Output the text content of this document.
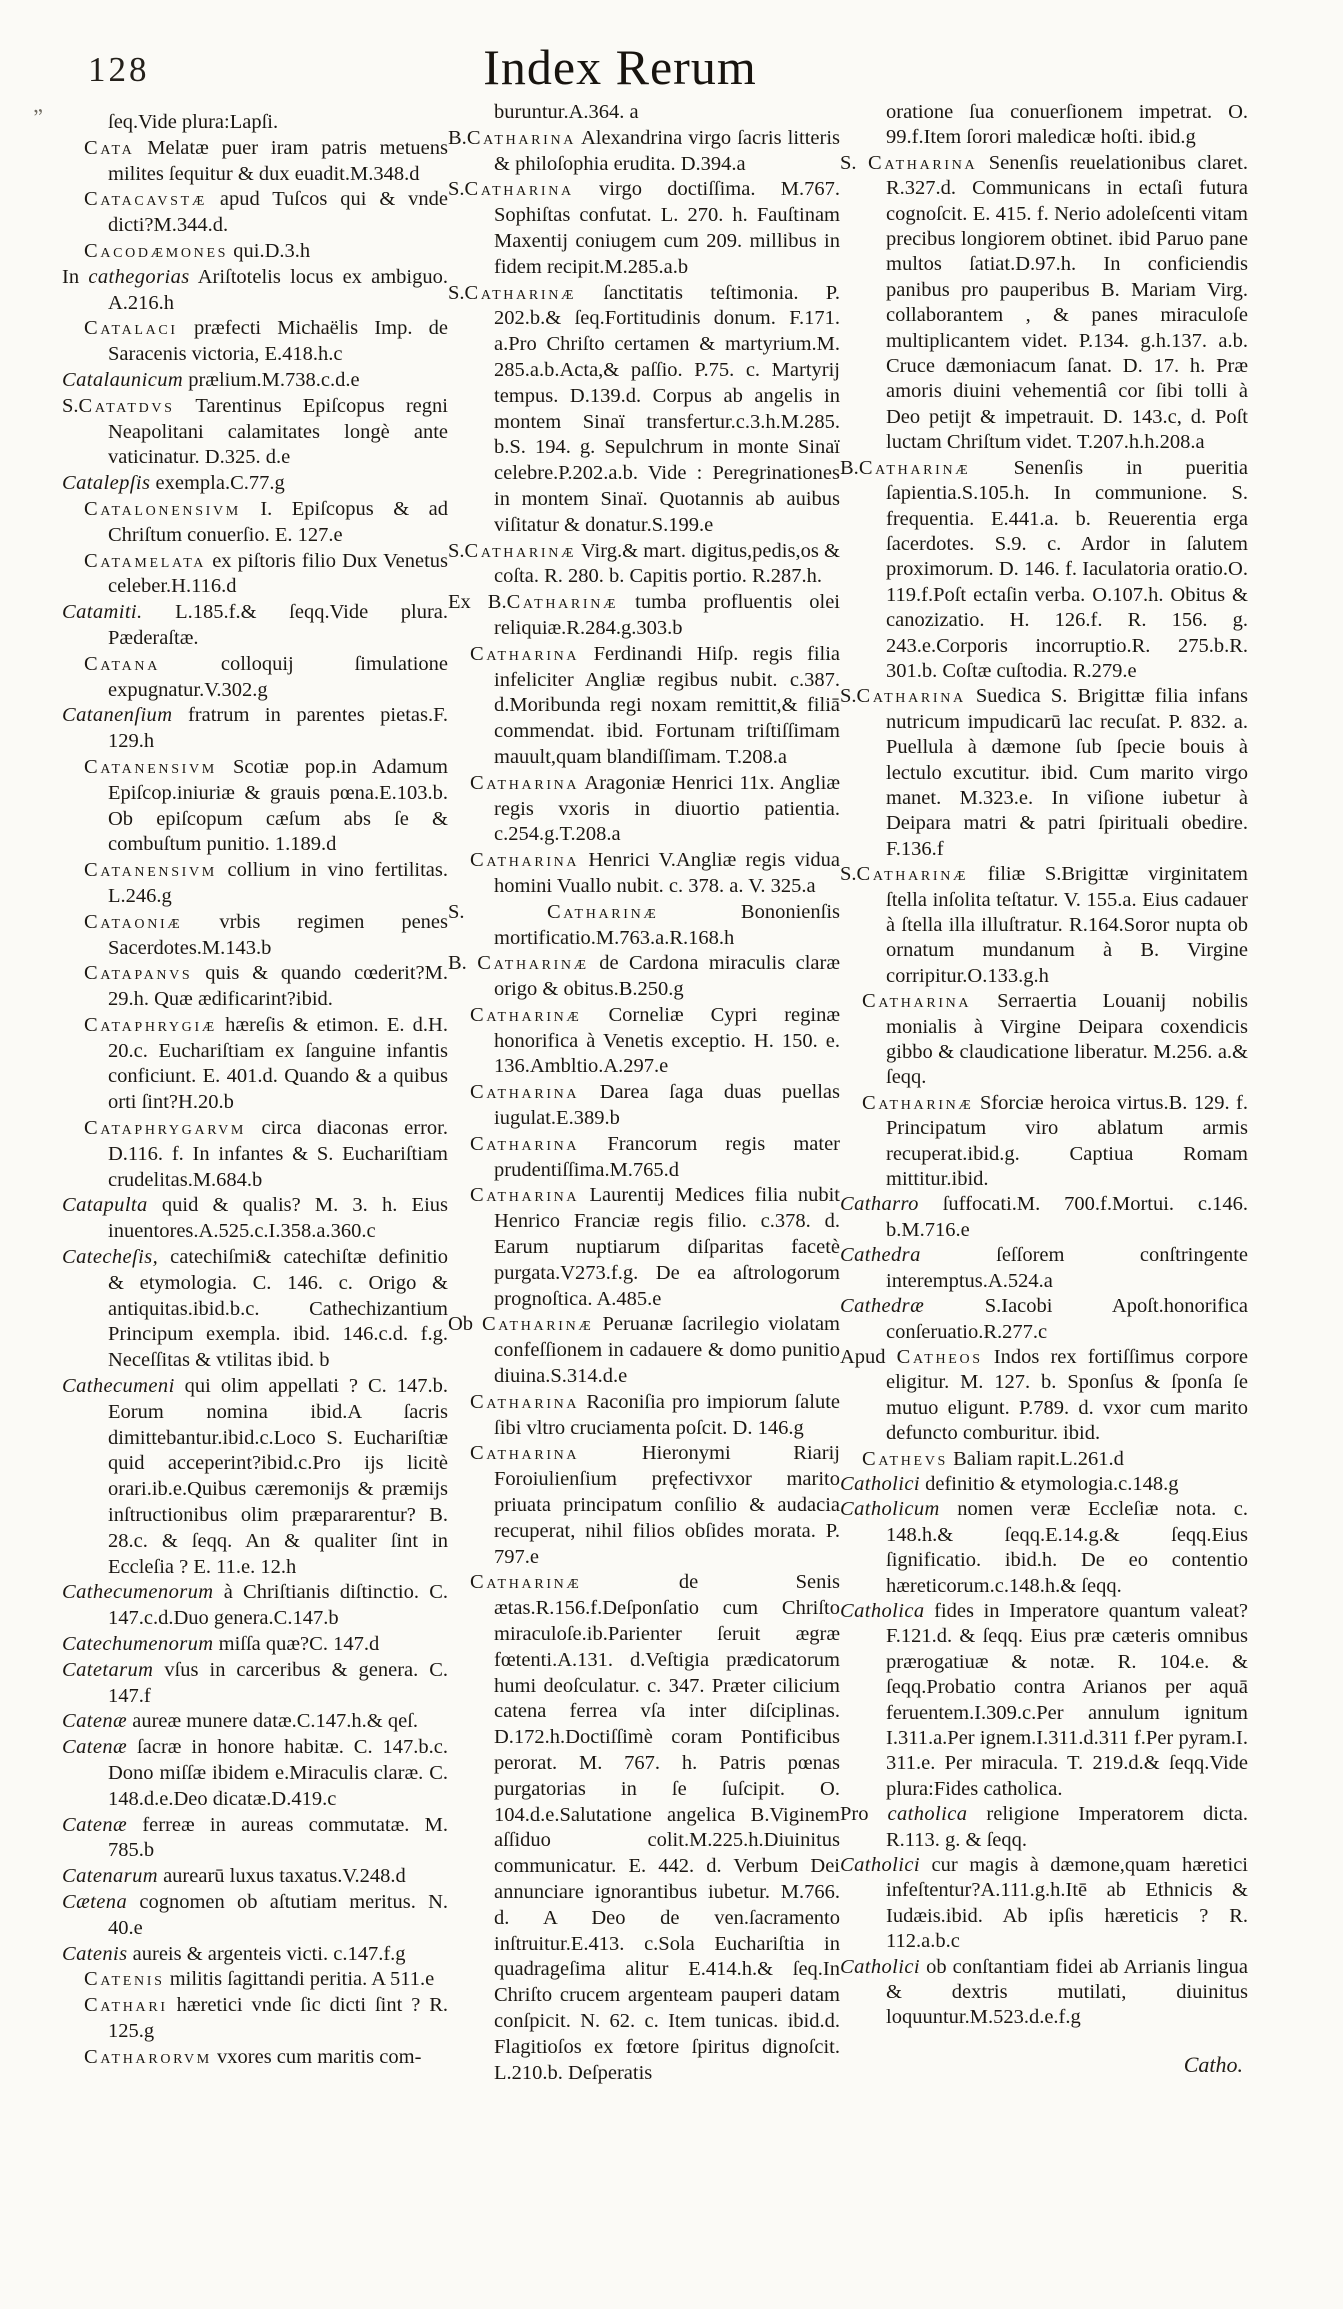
128
”
Index Rerum

ſeq.Vide plura:Lapſi.

Cata Melatæ puer iram patris metuens milites ſequitur & dux euadit.M.348.d

Catacavstæ apud Tuſcos qui & vnde dicti?M.344.d.

Cacodæmones qui.D.3.h

In cathegorias Ariſtotelis locus ex ambiguo. A.216.h

Catalaci præfecti Michaëlis Imp. de Saracenis victoria, E.418.h.c

Catalaunicum prælium.M.738.c.d.e

S.Catatdvs Tarentinus Epiſcopus regni Neapolitani calamitates longè ante vaticinatur. D.325. d.e

Catalepſis exempla.C.77.g

Catalonensivm I. Epiſcopus & ad Chriſtum conuerſio. E. 127.e

Catamelata ex piſtoris filio Dux Venetus celeber.H.116.d

Catamiti. L.185.f.& ſeqq.Vide plura. Pæderaſtæ.

Catana	colloquij ſimulatione expugnatur.V.302.g

Catanenſium fratrum in parentes pietas.F. 129.h

Catanensivm Scotiæ pop.in Adamum Epiſcop.iniuriæ & grauis pœna.E.103.b. Ob epiſcopum cæſum abs ſe & combuſtum punitio. 1.189.d

Catanensivm collium in vino fertilitas. L.246.g

Cataoniæ vrbis regimen penes Sacerdotes.M.143.b

Catapanvs quis & quando cœderit?M. 29.h. Quæ ædificarint?ibid.

Cataphrygiæ hæreſis & etimon. E. d.H. 20.c. Euchariſtiam ex ſanguine infantis conficiunt. E. 401.d. Quando & a quibus orti ſint?H.20.b

Cataphrygarvm circa diaconas error. D.116. f. In infantes & S. Euchariſtiam crudelitas.M.684.b

Catapulta quid & qualis? M. 3. h. Eius inuentores.A.525.c.I.358.a.360.c

Catecheſis, catechiſmi& catechiſtæ definitio & etymologia. C. 146. c. Origo & antiquitas.ibid.b.c. Cathechizantium Principum exempla. ibid. 146.c.d. f.g. Neceſſitas & vtilitas ibid. b

Cathecumeni qui olim appellati ? C. 147.b. Eorum nomina ibid.A ſacris dimittebantur.ibid.c.Loco S. Euchariſtiæ quid acceperint?ibid.c.Pro ijs licitè orari.ib.e.Quibus cæremonijs & præmijs inſtructionibus olim præpararentur? B. 28.c. & ſeqq. An & qualiter ſint in Eccleſia ? E. 11.e. 12.h

Cathecumenorum à Chriſtianis diſtinctio. C. 147.c.d.Duo genera.C.147.b

Catechumenorum miſſa quæ?C. 147.d

Catetarum vſus in carceribus & genera. C. 147.f

Catenæ aureæ munere datæ.C.147.h.& qeſ.

Catenæ ſacræ in honore habitæ. C. 147.b.c. Dono miſſæ ibidem e.Miraculis claræ. C. 148.d.e.Deo dicatæ.D.419.c

Catenæ ferreæ in aureas commutatæ. M. 785.b

Catenarum aurearū luxus taxatus.V.248.d

Cætena cognomen ob aſtutiam meritus. N. 40.e

Catenis aureis & argenteis victi. c.147.f.g

Catenis militis ſagittandi peritia. A 511.e

Cathari hæretici vnde ſic dicti ſint ? R. 125.g

Catharorvm vxores cum maritis com-

buruntur.A.364. a

B.Catharina Alexandrina virgo ſacris litteris & philoſophia erudita. D.394.a

S.Catharina virgo doctiſſima. M.767. Sophiſtas confutat. L. 270. h. Fauſtinam Maxentij coniugem cum 209. millibus in fidem recipit.M.285.a.b

S.Catharinæ ſanctitatis teſtimonia. P. 202.b.& ſeq.Fortitudinis donum. F.171. a.Pro Chriſto certamen & martyrium.M. 285.a.b.Acta,& paſſio. P.75. c. Martyrij tempus. D.139.d. Corpus ab angelis in montem Sinaï transfertur.c.3.h.M.285. b.S. 194. g. Sepulchrum in monte Sinaï celebre.P.202.a.b. Vide : Peregrinationes in montem Sinaï. Quotannis ab auibus viſitatur & donatur.S.199.e

S.Catharinæ Virg.& mart. digitus,pedis,os & coſta. R. 280. b. Capitis portio. R.287.h.

Ex B.Catharinæ tumba profluentis olei reliquiæ.R.284.g.303.b

Catharina Ferdinandi Hiſp. regis filia infeliciter Angliæ regibus nubit. c.387. d.Moribunda regi noxam remittit,& filiā commendat. ibid. Fortunam triſtiſſimam mauult,quam blandiſſimam. T.208.a

Catharina Aragoniæ Henrici 11x. Angliæ regis vxoris in diuortio patientia. c.254.g.T.208.a

Catharina Henrici V.Angliæ regis vidua homini Vuallo nubit. c. 378. a. V. 325.a

S. Catharinæ	Bononienſis mortificatio.M.763.a.R.168.h

B. Catharinæ de Cardona miraculis claræ origo & obitus.B.250.g

Catharinæ Corneliæ Cypri reginæ honorifica à Venetis exceptio. H. 150. e. 136.Ambltio.A.297.e

Catharina Darea ſaga duas puellas iugulat.E.389.b

Catharina Francorum regis mater prudentiſſima.M.765.d

Catharina Laurentij Medices filia nubit Henrico Franciæ regis filio. c.378. d. Earum nuptiarum diſparitas facetè purgata.V273.f.g. De ea aſtrologorum prognoſtica. A.485.e

Ob Catharinæ Peruanæ ſacrilegio violatam confeſſionem in cadauere & domo punitio diuina.S.314.d.e

Catharina Raconiſia pro impiorum ſalute ſibi vltro cruciamenta poſcit. D. 146.g

Catharina	Hieronymi Riarij Foroiulienſium pręfectivxor marito priuata principatum conſilio & audacia recuperat, nihil filios obſides morata. P. 797.e

Catharinæ	de Senis ætas.R.156.f.Deſponſatio cum Chriſto miraculoſe.ib.Parienter ſeruit ægræ fœtenti.A.131. d.Veſtigia prædicatorum humi deoſculatur. c. 347. Præter cilicium catena ferrea vſa inter diſciplinas. D.172.h.Doctiſſimè coram Pontificibus perorat. M. 767. h. Patris pœnas purgatorias in ſe ſuſcipit. O. 104.d.e.Salutatione angelica B.Viginem aſſiduo colit.M.225.h.Diuinitus communicatur. E. 442. d. Verbum Dei annunciare ignorantibus iubetur. M.766. d. A Deo de ven.ſacramento inſtruitur.E.413. c.Sola Euchariſtia in quadrageſima alitur E.414.h.& ſeq.In Chriſto crucem argenteam pauperi datam conſpicit. N. 62. c. Item tunicas. ibid.d. Flagitioſos ex fœtore ſpiritus dignoſcit. L.210.b. Deſperatis

oratione ſua conuerſionem impetrat. O. 99.f.Item ſorori maledicæ hoſti. ibid.g

S. Catharina Senenſis reuelationibus claret. R.327.d. Communicans in ectaſi futura cognoſcit. E. 415. f. Nerio adoleſcenti vitam precibus longiorem obtinet. ibid Paruo pane multos ſatiat.D.97.h. In conficiendis panibus pro pauperibus B. Mariam Virg. collaborantem , & panes miraculoſe multiplicantem videt. P.134. g.h.137. a.b. Cruce dæmoniacum ſanat. D. 17. h. Præ amoris diuini vehementiâ cor ſibi tolli à Deo petijt & impetrauit. D. 143.c, d. Poſt luctam Chriſtum videt. T.207.h.h.208.a

B.Catharinæ Senenſis in pueritia ſapientia.S.105.h. In communione. S. frequentia. E.441.a. b. Reuerentia erga ſacerdotes. S.9. c. Ardor in ſalutem proximorum. D. 146. f. Iaculatoria oratio.O. 119.f.Poſt ectaſin verba. O.107.h. Obitus & canozizatio. H. 126.f. R. 156. g. 243.e.Corporis incorruptio.R. 275.b.R. 301.b. Coſtæ cuſtodia. R.279.e

S.Catharina Suedica S. Brigittæ filia infans nutricum impudicarū lac recuſat. P. 832. a. Puellula à dæmone ſub ſpecie bouis à lectulo excutitur. ibid. Cum marito virgo manet. M.323.e. In viſione iubetur à Deipara matri & patri ſpirituali obedire. F.136.f

S.Catharinæ filiæ S.Brigittæ virginitatem ſtella inſolita teſtatur. V. 155.a. Eius cadauer à ſtella illa illuſtratur. R.164.Soror nupta ob ornatum mundanum à B. Virgine corripitur.O.133.g.h

Catharina Serraertia Louanij nobilis monialis à Virgine Deipara coxendicis gibbo & claudicatione liberatur. M.256. a.& ſeqq.

Catharinæ Sforciæ heroica virtus.B. 129. f. Principatum viro ablatum armis recuperat.ibid.g. Captiua Romam mittitur.ibid.

Catharro ſuffocati.M. 700.f.Mortui. c.146. b.M.716.e

Cathedra	ſeſſorem conſtringente interemptus.A.524.a

Cathedræ	S.Iacobi Apoſt.honorifica conſeruatio.R.277.c

Apud Catheos Indos rex fortiſſimus corpore eligitur. M. 127. b. Sponſus & ſponſa ſe mutuo eligunt. P.789. d. vxor cum marito defuncto comburitur. ibid.

Cathevs Baliam rapit.L.261.d

Catholici definitio & etymologia.c.148.g

Catholicum nomen veræ Eccleſiæ nota. c. 148.h.& ſeqq.E.14.g.& ſeqq.Eius ſignificatio. ibid.h. De eo contentio hæreticorum.c.148.h.& ſeqq.

Catholica fides in Imperatore quantum valeat? F.121.d. & ſeqq. Eius præ cæteris omnibus prærogatiuæ & notæ. R. 104.e. & ſeqq.Probatio contra Arianos per aquā feruentem.I.309.c.Per annulum ignitum I.311.a.Per ignem.I.311.d.311 f.Per pyram.I. 311.e. Per miracula. T. 219.d.& ſeqq.Vide plura:Fides catholica.

Pro catholica religione Imperatorem dicta. R.113. g. & ſeqq.

Catholici cur magis à dæmone,quam hæretici infeſtentur?A.111.g.h.Itē ab Ethnicis & Iudæis.ibid. Ab ipſis hæreticis ? R. 112.a.b.c

Catholici ob conſtantiam fidei ab Arrianis lingua & dextris mutilati, diuinitus loquuntur.M.523.d.e.f.g

Catho.
